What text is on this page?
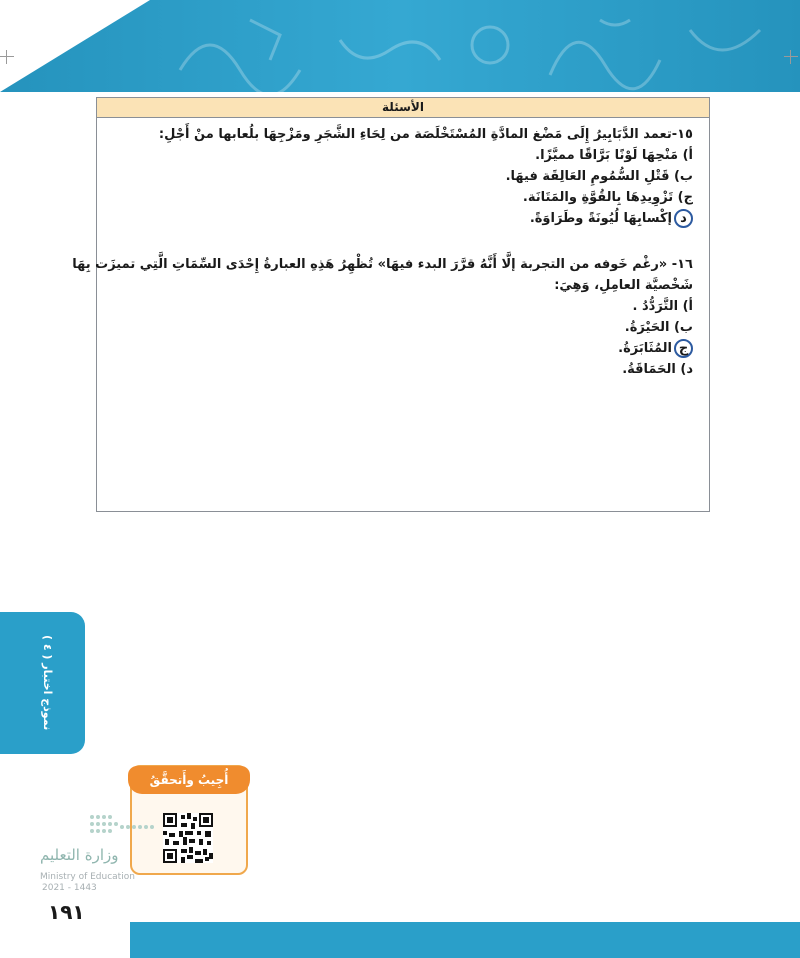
الأسئلة
١٥-تعمد الدَّبَابِيرُ إِلَى مَضْغ المادَّةِ المُسْتَخْلَصَة من لِحَاءِ الشَّجَرِ ومَزْجِهَا بلُعابها منْ أَجْلِ:
أ) مَنْحِهَا لَوْنًا بَرَّاقًا مميَّزًا.
ب) قَتْلِ السُّمُومِ العَالِقَة فيهَا.
ج) تَزْوِيدِهَا بِالقُوَّةِ والمَتَانَة.
دإكْسابِهَا لُيُونَةً وطَرَاوَةً.
١٦- «رغْم خَوفه من التجربة إلَّا أَنَّهُ قرَّرَ البدء فيهَا» تُظْهِرُ هَذِهِ العبارةُ إِحْدَى السِّمَاتِ الَّتِي تميزَت بِهَا
شَخْصيَّة العامِلِ، وَهِيَ:
أ) التَّرَدُّدُ .
ب) الحَيْرَةُ.
جالمُثَابَرَةُ.
د) الحَمَاقَةُ.
نموذج اختبار ( ٤ )
أُجِيبُ وأَتحقَّقُ
وزارة التعليم
Ministry of Education
2021 - 1443
١٩١
